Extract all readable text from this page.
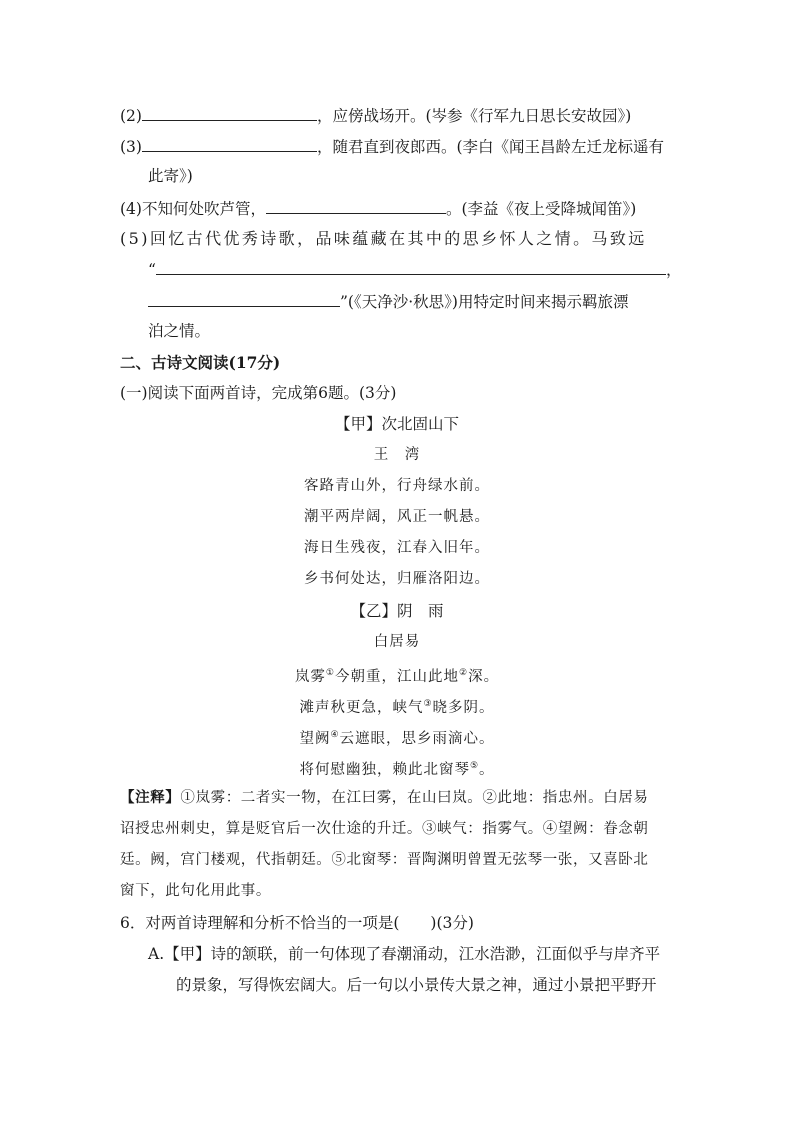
(2)	，应傍战场开。(岑参《行军九日思长安故园》)
(3)	，随君直到夜郎西。(李白《闻王昌龄左迁龙标遥有
此寄》)
(4)不知何处吹芦管，	。(李益《夜上受降城闻笛》)
(5)回忆古代优秀诗歌，品味蕴藏在其中的思乡怀人之情。马致远
“	，
”(《天净沙·秋思》)用特定时间来揭示羁旅漂
泊之情。
二、古诗文阅读(17分)
(一)阅读下面两首诗，完成第6题。(3分)
【甲】次北固山下
王　湾
客路青山外，行舟绿水前。
潮平两岸阔，风正一帆悬。
海日生残夜，江春入旧年。
乡书何处达，归雁洛阳边。
【乙】阴　雨
白居易
岚雾①今朝重，江山此地②深。
滩声秋更急，峡气③晓多阴。
望阙④云遮眼，思乡雨滴心。
将何慰幽独，赖此北窗琴⑤。
【注释】①岚雾：二者实一物，在江曰雾，在山曰岚。②此地：指忠州。白居易
诏授忠州刺史，算是贬官后一次仕途的升迁。③峡气：指雾气。④望阙：眷念朝
廷。阙，宫门楼观，代指朝廷。⑤北窗琴：晋陶渊明曾置无弦琴一张，又喜卧北
窗下，此句化用此事。
6．对两首诗理解和分析不恰当的一项是(　　)(3分)
A.【甲】诗的颔联，前一句体现了春潮涌动，江水浩渺，江面似乎与岸齐平
的景象，写得恢宏阔大。后一句以小景传大景之神，通过小景把平野开
